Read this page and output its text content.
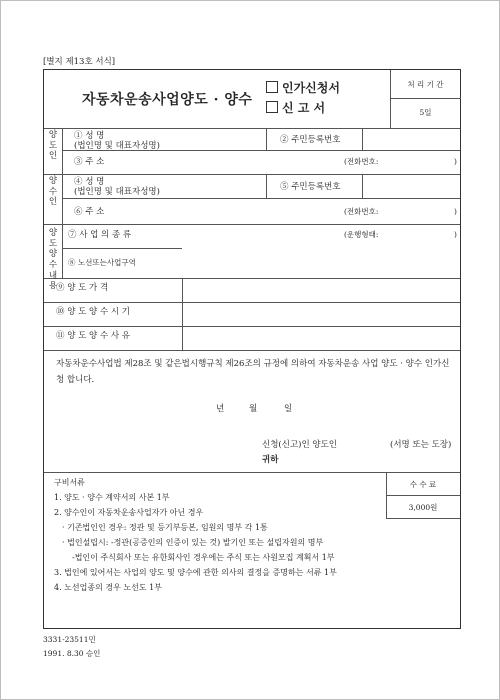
[별지 제13호 서식]
자동차운송사업양도 · 양수
인가신청서
신 고 서
처 리 기 간
5일
양도인
① 성 명
(법인명 및 대표자성명)
② 주민등록번호
③ 주 소	(전화번호:	)
양수인
④ 성 명
(법인명 및 대표자성명)
⑤ 주민등록번호
⑥ 주 소	(전화번호:	)
양도양수내용
⑦ 사 업 의 종 류	(운행형태:	)
⑧ 노선또는사업구역
⑨ 양 도 가 격
⑩ 양 도 양 수 시 기
⑪ 양 도 양 수 사 유
자동차운수사업법 제28조 및 같은법시행규칙 제26조의 규정에 의하여 자동차운송 사업 양도 · 양수 인가신청 합니다.
년	월	일
신청(신고)인 양도인	(서명 또는 도장)
귀하
구비서류
1. 양도 · 양수 계약서의 사본 1부
2. 양수인이 자동차운송사업자가 아닌 경우
· 기존법인인 경우: 정관 및 등기부등본, 임원의 명부 각 1통
· 법인설립시: -정관(공증인의 인증이 있는 것) 발기인 또는 설립자원의 명부
-법인이 주식회사 또는 유한회사인 경우에는 주식 또는 사원모집 계획서 1부
3. 법인에 있어서는 사업의 양도 및 양수에 관한 의사의 결정을 증명하는 서류 1부
4. 노선업종의 경우 노선도 1부
수 수 료
3,000원
3331-23511민
1991. 8.30 승인
